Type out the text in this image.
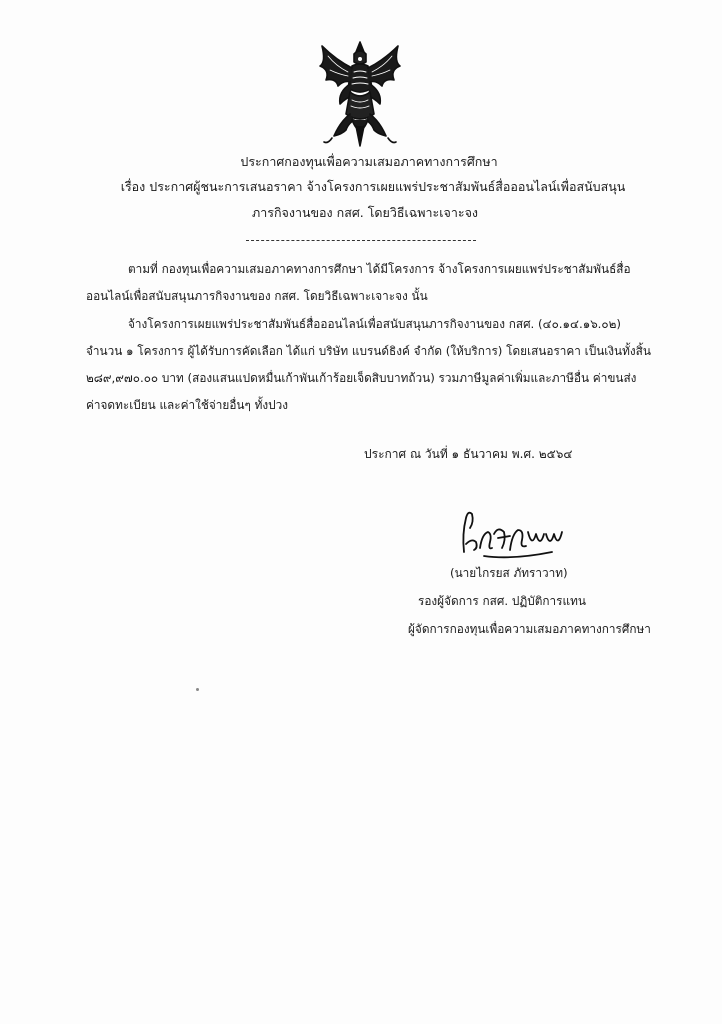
ประกาศกองทุนเพื่อความเสมอภาคทางการศึกษา
เรื่อง ประกาศผู้ชนะการเสนอราคา จ้างโครงการเผยแพร่ประชาสัมพันธ์สื่อออนไลน์เพื่อสนับสนุน
ภารกิจงานของ กสศ. โดยวิธีเฉพาะเจาะจง
ตามที่ กองทุนเพื่อความเสมอภาคทางการศึกษา ได้มีโครงการ จ้างโครงการเผยแพร่ประชาสัมพันธ์สื่อ
ออนไลน์เพื่อสนับสนุนภารกิจงานของ กสศ. โดยวิธีเฉพาะเจาะจง นั้น
จ้างโครงการเผยแพร่ประชาสัมพันธ์สื่อออนไลน์เพื่อสนับสนุนภารกิจงานของ กสศ. (๔๐.๑๔.๑๖.๐๒)
จำนวน ๑ โครงการ ผู้ได้รับการคัดเลือก ได้แก่ บริษัท แบรนด์ธิงค์ จำกัด (ให้บริการ) โดยเสนอราคา เป็นเงินทั้งสิ้น
๒๘๙,๙๗๐.๐๐ บาท (สองแสนแปดหมื่นเก้าพันเก้าร้อยเจ็ดสิบบาทถ้วน) รวมภาษีมูลค่าเพิ่มและภาษีอื่น ค่าขนส่ง
ค่าจดทะเบียน และค่าใช้จ่ายอื่นๆ ทั้งปวง
ประกาศ ณ วันที่ ๑ ธันวาคม พ.ศ. ๒๕๖๔
(นายไกรยส ภัทราวาท)
รองผู้จัดการ กสศ. ปฏิบัติการแทน
ผู้จัดการกองทุนเพื่อความเสมอภาคทางการศึกษา
